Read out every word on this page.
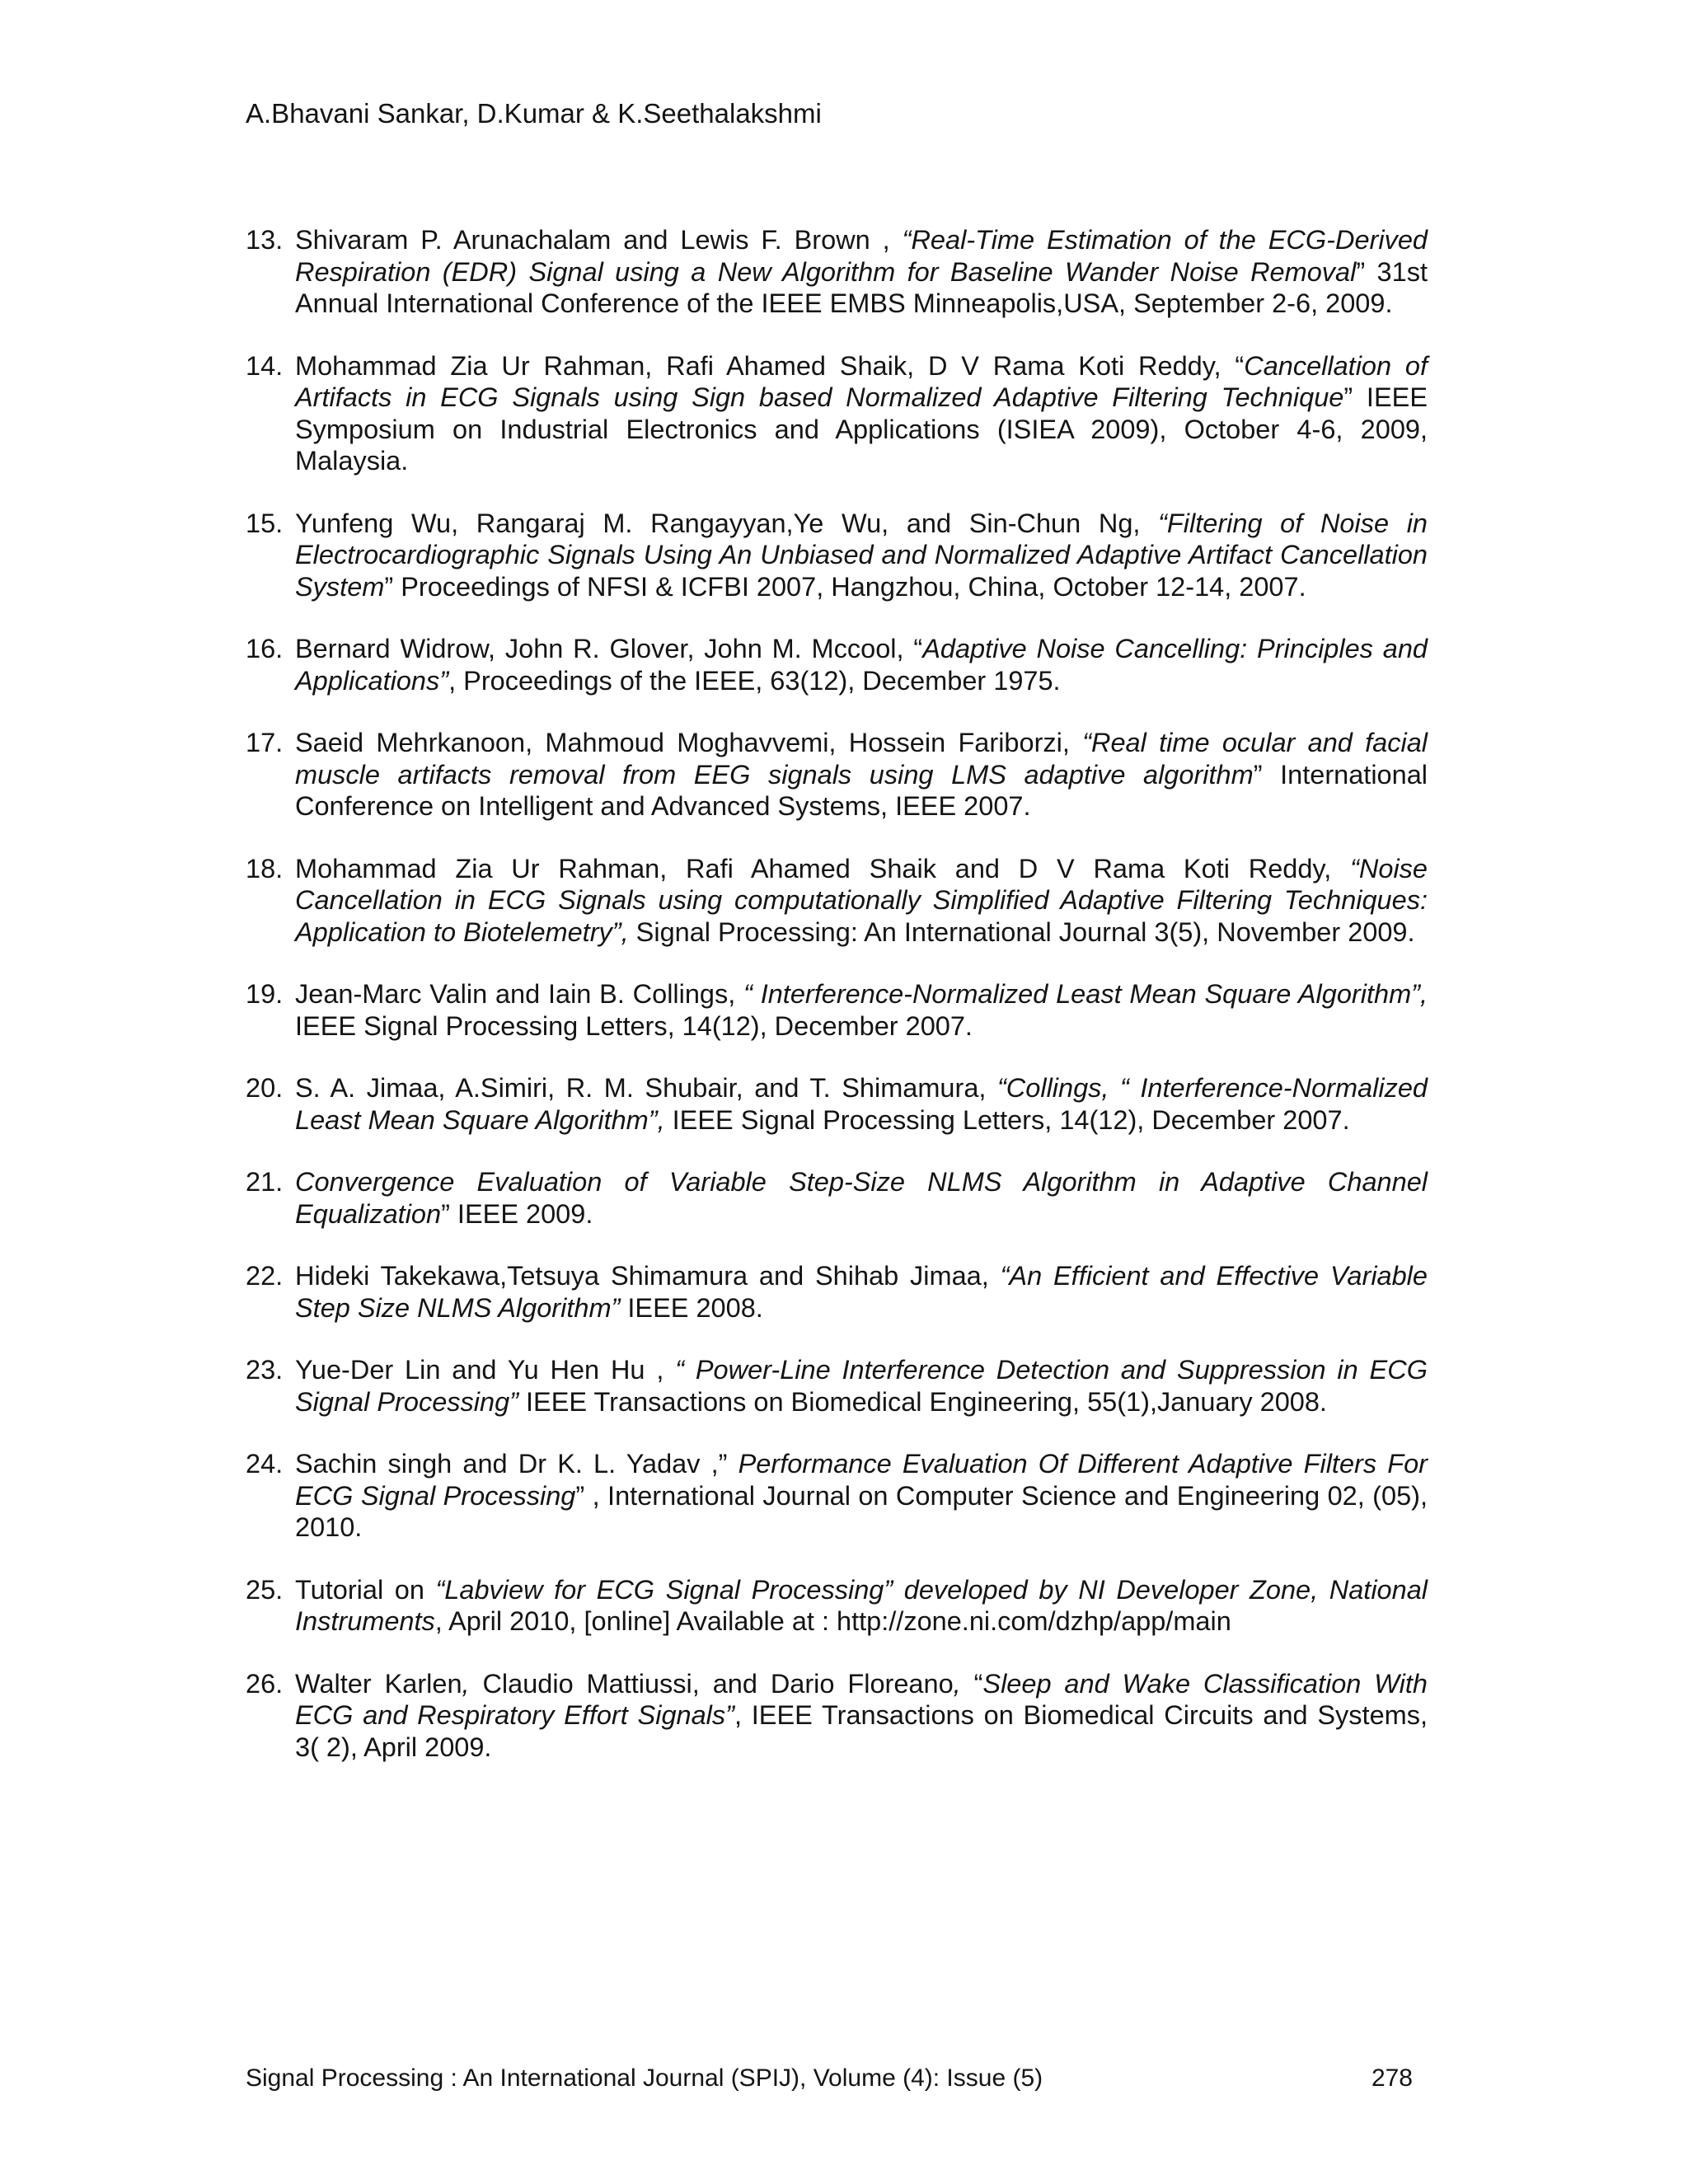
A.Bhavani Sankar, D.Kumar & K.Seethalakshmi
13. Shivaram P. Arunachalam and Lewis F. Brown , “Real-Time Estimation of the ECG-Derived Respiration (EDR) Signal using a New Algorithm for Baseline Wander Noise Removal” 31st Annual International Conference of the IEEE EMBS Minneapolis,USA, September 2-6, 2009.
14. Mohammad Zia Ur Rahman, Rafi Ahamed Shaik, D V Rama Koti Reddy, “Cancellation of Artifacts in ECG Signals using Sign based Normalized Adaptive Filtering Technique” IEEE Symposium on Industrial Electronics and Applications (ISIEA 2009), October 4-6, 2009, Malaysia.
15. Yunfeng Wu, Rangaraj M. Rangayyan,Ye Wu, and Sin-Chun Ng, “Filtering of Noise in Electrocardiographic Signals Using An Unbiased and Normalized Adaptive Artifact Cancellation System” Proceedings of NFSI & ICFBI 2007, Hangzhou, China, October 12-14, 2007.
16. Bernard Widrow, John R. Glover, John M. Mccool, “Adaptive Noise Cancelling: Principles and Applications”, Proceedings of the IEEE, 63(12), December 1975.
17. Saeid Mehrkanoon, Mahmoud Moghavvemi, Hossein Fariborzi, “Real time ocular and facial muscle artifacts removal from EEG signals using LMS adaptive algorithm” International Conference on Intelligent and Advanced Systems, IEEE 2007.
18. Mohammad Zia Ur Rahman, Rafi Ahamed Shaik and D V Rama Koti Reddy, “Noise Cancellation in ECG Signals using computationally Simplified Adaptive Filtering Techniques: Application to Biotelemetry”, Signal Processing: An International Journal 3(5), November 2009.
19. Jean-Marc Valin and Iain B. Collings, “ Interference-Normalized Least Mean Square Algorithm”, IEEE Signal Processing Letters, 14(12), December 2007.
20. S. A. Jimaa, A.Simiri, R. M. Shubair, and T. Shimamura, “Collings, “ Interference-Normalized Least Mean Square Algorithm”, IEEE Signal Processing Letters, 14(12), December 2007.
21. Convergence Evaluation of Variable Step-Size NLMS Algorithm in Adaptive Channel Equalization” IEEE 2009.
22. Hideki Takekawa,Tetsuya Shimamura and Shihab Jimaa, “An Efficient and Effective Variable Step Size NLMS Algorithm” IEEE 2008.
23. Yue-Der Lin and Yu Hen Hu , “ Power-Line Interference Detection and Suppression in ECG Signal Processing” IEEE Transactions on Biomedical Engineering, 55(1),January 2008.
24. Sachin singh and Dr K. L. Yadav ,” Performance Evaluation Of Different Adaptive Filters For ECG Signal Processing” , International Journal on Computer Science and Engineering 02, (05), 2010.
25. Tutorial on “Labview for ECG Signal Processing” developed by NI Developer Zone, National Instruments, April 2010, [online] Available at : http://zone.ni.com/dzhp/app/main
26. Walter Karlen, Claudio Mattiussi, and Dario Floreano, “Sleep and Wake Classification With ECG and Respiratory Effort Signals”, IEEE Transactions on Biomedical Circuits and Systems, 3( 2), April 2009.
Signal Processing : An International Journal (SPIJ), Volume (4): Issue (5)	278
